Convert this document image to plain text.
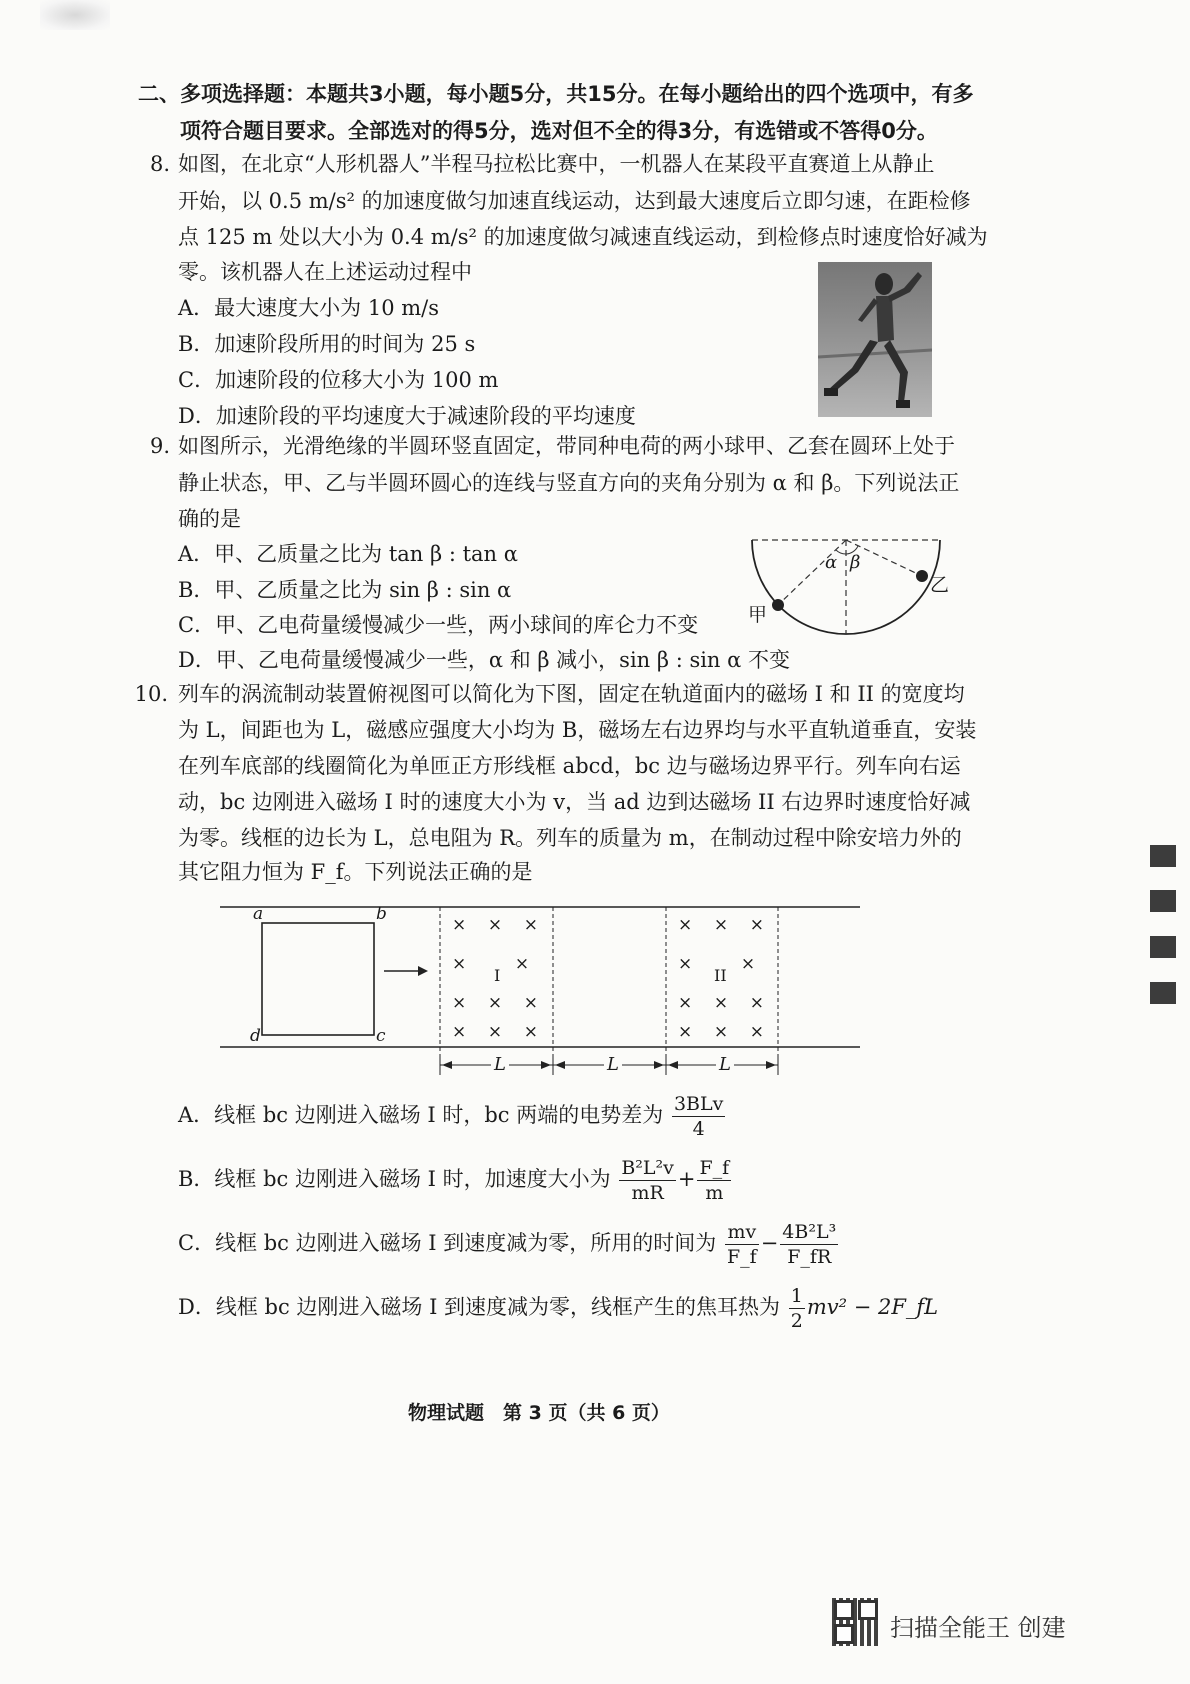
二、多项选择题：本题共3小题，每小题5分，共15分。在每小题给出的四个选项中，有多
项符合题目要求。全部选对的得5分，选对但不全的得3分，有选错或不答得0分。
8. 如图，在北京“人形机器人”半程马拉松比赛中，一机器人在某段平直赛道上从静止
开始，以 0.5 m/s² 的加速度做匀加速直线运动，达到最大速度后立即匀速，在距检修
点 125 m 处以大小为 0.4 m/s² 的加速度做匀减速直线运动，到检修点时速度恰好减为
零。该机器人在上述运动过程中
A．最大速度大小为 10 m/s
B．加速阶段所用的时间为 25 s
C．加速阶段的位移大小为 100 m
D．加速阶段的平均速度大于减速阶段的平均速度
9. 如图所示，光滑绝缘的半圆环竖直固定，带同种电荷的两小球甲、乙套在圆环上处于
静止状态，甲、乙与半圆环圆心的连线与竖直方向的夹角分别为 α 和 β。下列说法正
确的是
A．甲、乙质量之比为 tan β : tan α
B．甲、乙质量之比为 sin β : sin α
C．甲、乙电荷量缓慢减少一些，两小球间的库仑力不变
D．甲、乙电荷量缓慢减少一些，α 和 β 减小，sin β : sin α 不变
α β
甲
乙
10. 列车的涡流制动装置俯视图可以简化为下图，固定在轨道面内的磁场 I 和 II 的宽度均
为 L，间距也为 L，磁感应强度大小均为 B，磁场左右边界均与水平直轨道垂直，安装
在列车底部的线圈简化为单匝正方形线框 abcd，bc 边与磁场边界平行。列车向右运
动，bc 边刚进入磁场 I 时的速度大小为 v，当 ad 边到达磁场 II 右边界时速度恰好减
为零。线框的边长为 L，总电阻为 R。列车的质量为 m，在制动过程中除安培力外的
其它阻力恒为 F_f。下列说法正确的是
a	b
d	c
× × ×
×	×
× × ×
× × ×
I
× × ×
×	×
× × ×
× × ×
II
L	L	L
A．线框 bc 边刚进入磁场 I 时，bc 两端的电势差为 $\frac{\text{3BLv}}{4}$
B．线框 bc 边刚进入磁场 I 时，加速度大小为 $\frac{\text{B²L²v}}{mR} + \frac{F\_f}{m}$
C．线框 bc 边刚进入磁场 I 到速度减为零，所用的时间为 $\frac{mv}{F\_f} - \frac{\text{4B²L³}}{F\_fR}$
D．线框 bc 边刚进入磁场 I 到速度减为零，线框产生的焦耳热为 $\frac{1}{2} mv^2$ − 2F_fL
物理试题　第 3 页（共 6 页）
扫描全能王 创建
